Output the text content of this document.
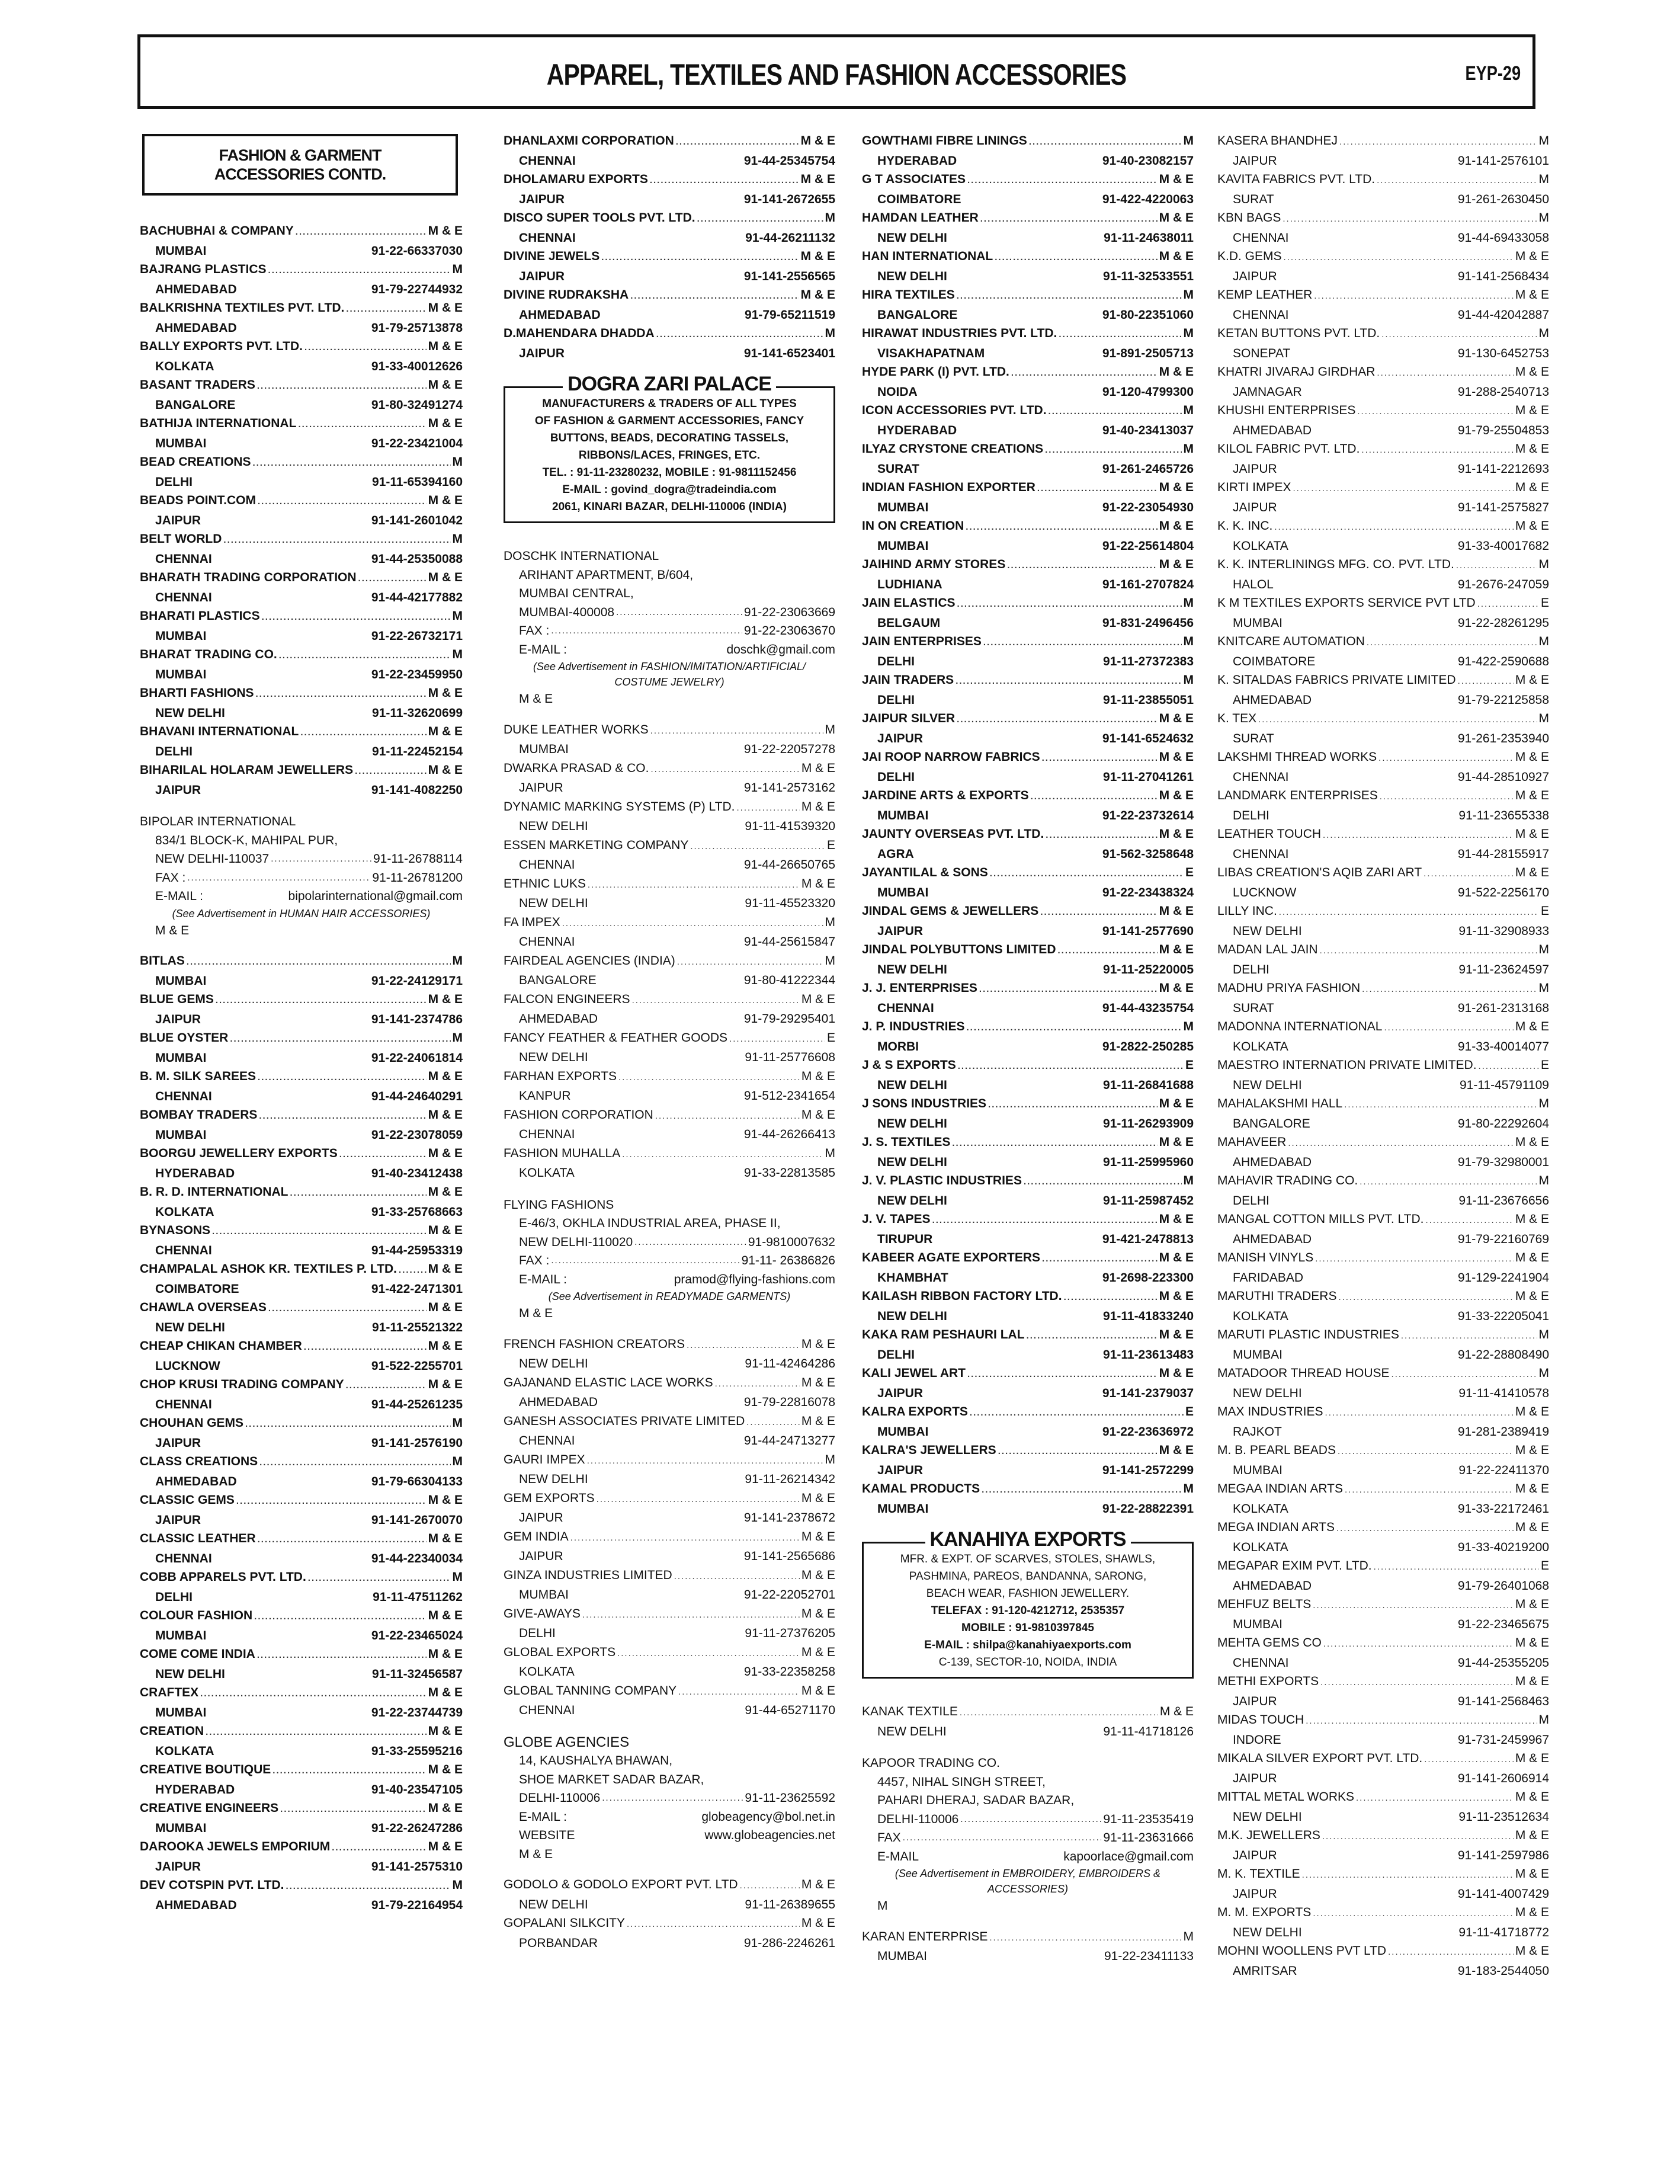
APPAREL, TEXTILES AND FASHION ACCESSORIES	EYP-29
FASHION & GARMENT
ACCESSORIES CONTD.
BACHUBHAI & COMPANY .....	M & E
MUMBAI	91-22-66337030
BAJRANG PLASTICS .....	M
AHMEDABAD	91-79-22744932
BALKRISHNA TEXTILES PVT. LTD. .....	M & E
AHMEDABAD	91-79-25713878
BALLY EXPORTS PVT. LTD. .....	M & E
KOLKATA	91-33-40012626
BASANT TRADERS .....	M & E
BANGALORE	91-80-32491274
BATHIJA INTERNATIONAL .....	M & E
MUMBAI	91-22-23421004
BEAD CREATIONS .....	M
DELHI	91-11-65394160
BEADS POINT.COM .....	M & E
JAIPUR	91-141-2601042
BELT WORLD .....	M
CHENNAI	91-44-25350088
BHARATH TRADING CORPORATION .....	M & E
CHENNAI	91-44-42177882
BHARATI PLASTICS .....	M
MUMBAI	91-22-26732171
BHARAT TRADING CO. .....	M
MUMBAI	91-22-23459950
BHARTI FASHIONS .....	M & E
NEW DELHI	91-11-32620699
BHAVANI INTERNATIONAL .....	M & E
DELHI	91-11-22452154
BIHARILAL HOLARAM JEWELLERS .....	M & E
JAIPUR	91-141-4082250
BIPOLAR INTERNATIONAL
834/1 BLOCK-K, MAHIPAL PUR,
NEW DELHI-110037 .....	91-11-26788114
FAX : .....	91-11-26781200
E-MAIL :	bipolarinternational@gmail.com
(See Advertisement in HUMAN HAIR ACCESSORIES)
M & E
BITLAS .....	M
MUMBAI	91-22-24129171
BLUE GEMS .....	M & E
JAIPUR	91-141-2374786
BLUE OYSTER .....	M
MUMBAI	91-22-24061814
B. M. SILK SAREES .....	M & E
CHENNAI	91-44-24640291
BOMBAY TRADERS .....	M & E
MUMBAI	91-22-23078059
BOORGU JEWELLERY EXPORTS .....	M & E
HYDERABAD	91-40-23412438
B. R. D. INTERNATIONAL .....	M & E
KOLKATA	91-33-25768663
BYNASONS .....	M & E
CHENNAI	91-44-25953319
CHAMPALAL ASHOK KR. TEXTILES P. LTD. .....	M & E
COIMBATORE	91-422-2471301
CHAWLA OVERSEAS .....	M & E
NEW DELHI	91-11-25521322
CHEAP CHIKAN CHAMBER .....	M & E
LUCKNOW	91-522-2255701
CHOP KRUSI TRADING COMPANY .....	M & E
CHENNAI	91-44-25261235
CHOUHAN GEMS .....	M
JAIPUR	91-141-2576190
CLASS CREATIONS .....	M
AHMEDABAD	91-79-66304133
CLASSIC GEMS .....	M & E
JAIPUR	91-141-2670070
CLASSIC LEATHER .....	M & E
CHENNAI	91-44-22340034
COBB APPARELS PVT. LTD. .....	M
DELHI	91-11-47511262
COLOUR FASHION .....	M & E
MUMBAI	91-22-23465024
COME COME INDIA .....	M & E
NEW DELHI	91-11-32456587
CRAFTEX .....	M & E
MUMBAI	91-22-23744739
CREATION .....	M & E
KOLKATA	91-33-25595216
CREATIVE BOUTIQUE .....	M & E
HYDERABAD	91-40-23547105
CREATIVE ENGINEERS .....	M & E
MUMBAI	91-22-26247286
DAROOKA JEWELS EMPORIUM .....	M & E
JAIPUR	91-141-2575310
DEV COTSPIN PVT. LTD. .....	M
AHMEDABAD	91-79-22164954
DHANLAXMI CORPORATION .....	M & E
CHENNAI	91-44-25345754
DHOLAMARU EXPORTS .....	M & E
JAIPUR	91-141-2672655
DISCO SUPER TOOLS PVT. LTD. .....	M
CHENNAI	91-44-26211132
DIVINE JEWELS .....	M & E
JAIPUR	91-141-2556565
DIVINE RUDRAKSHA .....	M & E
AHMEDABAD	91-79-65211519
D.MAHENDARA DHADDA .....	M
JAIPUR	91-141-6523401
DOGRA ZARI PALACE
MANUFACTURERS & TRADERS OF ALL TYPES
OF FASHION & GARMENT ACCESSORIES, FANCY
BUTTONS, BEADS, DECORATING TASSELS,
RIBBONS/LACES, FRINGES, ETC.
TEL. : 91-11-23280232, MOBILE : 91-9811152456
E-MAIL : govind_dogra@tradeindia.com
2061, KINARI BAZAR, DELHI-110006 (INDIA)
DOSCHK INTERNATIONAL
ARIHANT APARTMENT, B/604,
MUMBAI CENTRAL,
MUMBAI-400008 .....	91-22-23063669
FAX : .....	91-22-23063670
E-MAIL :	doschk@gmail.com
(See Advertisement in FASHION/IMITATION/ARTIFICIAL/ COSTUME JEWELRY)
M & E
DUKE LEATHER WORKS .....	M
MUMBAI	91-22-22057278
DWARKA PRASAD & CO. .....	M & E
JAIPUR	91-141-2573162
DYNAMIC MARKING SYSTEMS (P) LTD. .....	M & E
NEW DELHI	91-11-41539320
ESSEN MARKETING COMPANY .....	E
CHENNAI	91-44-26650765
ETHNIC LUKS .....	M & E
NEW DELHI	91-11-45523320
FA IMPEX .....	M
CHENNAI	91-44-25615847
FAIRDEAL AGENCIES (INDIA) .....	M
BANGALORE	91-80-41222344
FALCON ENGINEERS .....	M & E
AHMEDABAD	91-79-29295401
FANCY FEATHER & FEATHER GOODS .....	E
NEW DELHI	91-11-25776608
FARHAN EXPORTS .....	M & E
KANPUR	91-512-2341654
FASHION CORPORATION .....	M & E
CHENNAI	91-44-26266413
FASHION MUHALLA .....	M
KOLKATA	91-33-22813585
FLYING FASHIONS
E-46/3, OKHLA INDUSTRIAL AREA, PHASE II,
NEW DELHI-110020 .....	91-9810007632
FAX : .....	91-11- 26386826
E-MAIL :	pramod@flying-fashions.com
(See Advertisement in READYMADE GARMENTS)
M & E
FRENCH FASHION CREATORS .....	M & E
NEW DELHI	91-11-42464286
GAJANAND ELASTIC LACE WORKS .....	M & E
AHMEDABAD	91-79-22816078
GANESH ASSOCIATES PRIVATE LIMITED .....	M & E
CHENNAI	91-44-24713277
GAURI IMPEX .....	M
NEW DELHI	91-11-26214342
GEM EXPORTS .....	M & E
JAIPUR	91-141-2378672
GEM INDIA .....	M & E
JAIPUR	91-141-2565686
GINZA INDUSTRIES LIMITED .....	M & E
MUMBAI	91-22-22052701
GIVE-AWAYS .....	M & E
DELHI	91-11-27376205
GLOBAL EXPORTS .....	M & E
KOLKATA	91-33-22358258
GLOBAL TANNING COMPANY .....	M & E
CHENNAI	91-44-65271170
GLOBE AGENCIES
14, KAUSHALYA BHAWAN,
SHOE MARKET SADAR BAZAR,
DELHI-110006 .....	91-11-23625592
E-MAIL :	globeagency@bol.net.in
WEBSITE	www.globeagencies.net
M & E
GODOLO & GODOLO EXPORT PVT. LTD .....	M & E
NEW DELHI	91-11-26389655
GOPALANI SILKCITY .....	M & E
PORBANDAR	91-286-2246261
GOWTHAMI FIBRE LININGS .....	M
HYDERABAD	91-40-23082157
G T ASSOCIATES .....	M & E
COIMBATORE	91-422-4220063
HAMDAN LEATHER .....	M & E
NEW DELHI	91-11-24638011
HAN INTERNATIONAL .....	M & E
NEW DELHI	91-11-32533551
HIRA TEXTILES .....	M
BANGALORE	91-80-22351060
HIRAWAT INDUSTRIES PVT. LTD. .....	M
VISAKHAPATNAM	91-891-2505713
HYDE PARK (I) PVT. LTD. .....	M & E
NOIDA	91-120-4799300
ICON ACCESSORIES PVT. LTD. .....	M
HYDERABAD	91-40-23413037
ILYAZ CRYSTONE CREATIONS .....	M
SURAT	91-261-2465726
INDIAN FASHION EXPORTER .....	M & E
MUMBAI	91-22-23054930
IN ON CREATION .....	M & E
MUMBAI	91-22-25614804
JAIHIND ARMY STORES .....	M & E
LUDHIANA	91-161-2707824
JAIN ELASTICS .....	M
BELGAUM	91-831-2496456
JAIN ENTERPRISES .....	M
DELHI	91-11-27372383
JAIN TRADERS .....	M
DELHI	91-11-23855051
JAIPUR SILVER .....	M & E
JAIPUR	91-141-6524632
JAI ROOP NARROW FABRICS .....	M & E
DELHI	91-11-27041261
JARDINE ARTS & EXPORTS .....	M & E
MUMBAI	91-22-23732614
JAUNTY OVERSEAS PVT. LTD. .....	M & E
AGRA	91-562-3258648
JAYANTILAL & SONS .....	E
MUMBAI	91-22-23438324
JINDAL GEMS & JEWELLERS .....	M & E
JAIPUR	91-141-2577690
JINDAL POLYBUTTONS LIMITED .....	M & E
NEW DELHI	91-11-25220005
J. J. ENTERPRISES .....	M & E
CHENNAI	91-44-43235754
J. P. INDUSTRIES .....	M
MORBI	91-2822-250285
J & S EXPORTS .....	E
NEW DELHI	91-11-26841688
J SONS INDUSTRIES .....	M & E
NEW DELHI	91-11-26293909
J. S. TEXTILES .....	M & E
NEW DELHI	91-11-25995960
J. V. PLASTIC INDUSTRIES .....	M
NEW DELHI	91-11-25987452
J. V. TAPES .....	M & E
TIRUPUR	91-421-2478813
KABEER AGATE EXPORTERS .....	M & E
KHAMBHAT	91-2698-223300
KAILASH RIBBON FACTORY LTD. .....	M & E
NEW DELHI	91-11-41833240
KAKA RAM PESHAURI LAL .....	M & E
DELHI	91-11-23613483
KALI JEWEL ART .....	M & E
JAIPUR	91-141-2379037
KALRA EXPORTS .....	E
MUMBAI	91-22-23636972
KALRA'S JEWELLERS .....	M & E
JAIPUR	91-141-2572299
KAMAL PRODUCTS .....	M
MUMBAI	91-22-28822391
KANAHIYA EXPORTS
MFR. & EXPT. OF SCARVES, STOLES, SHAWLS,
PASHMINA, PAREOS, BANDANNA, SARONG,
BEACH WEAR, FASHION JEWELLERY.
TELEFAX : 91-120-4212712, 2535357
MOBILE : 91-9810397845
E-MAIL : shilpa@kanahiyaexports.com
C-139, SECTOR-10, NOIDA, INDIA
KANAK TEXTILE .....	M & E
NEW DELHI	91-11-41718126
KAPOOR TRADING CO.
4457, NIHAL SINGH STREET,
PAHARI DHERAJ, SADAR BAZAR,
DELHI-110006 .....	91-11-23535419
FAX .....	91-11-23631666
E-MAIL	kapoorlace@gmail.com
(See Advertisement in EMBROIDERY, EMBROIDERS & ACCESSORIES)
M
KARAN ENTERPRISE .....	M
MUMBAI	91-22-23411133
KASERA BHANDHEJ .....	M
JAIPUR	91-141-2576101
KAVITA FABRICS PVT. LTD. .....	M
SURAT	91-261-2630450
KBN BAGS .....	M
CHENNAI	91-44-69433058
K.D. GEMS .....	M & E
JAIPUR	91-141-2568434
KEMP LEATHER .....	M & E
CHENNAI	91-44-42042887
KETAN BUTTONS PVT. LTD. .....	M
SONEPAT	91-130-6452753
KHATRI JIVARAJ GIRDHAR .....	M & E
JAMNAGAR	91-288-2540713
KHUSHI ENTERPRISES .....	M & E
AHMEDABAD	91-79-25504853
KILOL FABRIC PVT. LTD. .....	M & E
JAIPUR	91-141-2212693
KIRTI IMPEX .....	M & E
JAIPUR	91-141-2575827
K. K. INC. .....	M & E
KOLKATA	91-33-40017682
K. K. INTERLININGS MFG. CO. PVT. LTD. .....	M
HALOL	91-2676-247059
K M TEXTILES EXPORTS SERVICE PVT LTD .....	E
MUMBAI	91-22-28261295
KNITCARE AUTOMATION .....	M
COIMBATORE	91-422-2590688
K. SITALDAS FABRICS PRIVATE LIMITED .....	M & E
AHMEDABAD	91-79-22125858
K. TEX .....	M
SURAT	91-261-2353940
LAKSHMI THREAD WORKS .....	M & E
CHENNAI	91-44-28510927
LANDMARK ENTERPRISES .....	M & E
DELHI	91-11-23655338
LEATHER TOUCH .....	M & E
CHENNAI	91-44-28155917
LIBAS CREATION'S AQIB ZARI ART .....	M & E
LUCKNOW	91-522-2256170
LILLY INC. .....	E
NEW DELHI	91-11-32908933
MADAN LAL JAIN .....	M
DELHI	91-11-23624597
MADHU PRIYA FASHION .....	M
SURAT	91-261-2313168
MADONNA INTERNATIONAL .....	M & E
KOLKATA	91-33-40014077
MAESTRO INTERNATION PRIVATE LIMITED. .....	E
NEW DELHI	91-11-45791109
MAHALAKSHMI HALL .....	M
BANGALORE	91-80-22292604
MAHAVEER .....	M & E
AHMEDABAD	91-79-32980001
MAHAVIR TRADING CO. .....	M
DELHI	91-11-23676656
MANGAL COTTON MILLS PVT. LTD. .....	M & E
AHMEDABAD	91-79-22160769
MANISH VINYLS .....	M & E
FARIDABAD	91-129-2241904
MARUTHI TRADERS .....	M & E
KOLKATA	91-33-22205041
MARUTI PLASTIC INDUSTRIES .....	M
MUMBAI	91-22-28808490
MATADOOR THREAD HOUSE .....	M
NEW DELHI	91-11-41410578
MAX INDUSTRIES .....	M & E
RAJKOT	91-281-2389419
M. B. PEARL BEADS .....	M & E
MUMBAI	91-22-22411370
MEGAA INDIAN ARTS .....	M & E
KOLKATA	91-33-22172461
MEGA INDIAN ARTS .....	M & E
KOLKATA	91-33-40219200
MEGAPAR EXIM PVT. LTD. .....	E
AHMEDABAD	91-79-26401068
MEHFUZ BELTS .....	M & E
MUMBAI	91-22-23465675
MEHTA GEMS CO .....	M & E
CHENNAI	91-44-25355205
METHI EXPORTS .....	M & E
JAIPUR	91-141-2568463
MIDAS TOUCH .....	M
INDORE	91-731-2459967
MIKALA SILVER EXPORT PVT. LTD. .....	M & E
JAIPUR	91-141-2606914
MITTAL METAL WORKS .....	M & E
NEW DELHI	91-11-23512634
M.K. JEWELLERS .....	M & E
JAIPUR	91-141-2597986
M. K. TEXTILE .....	M & E
JAIPUR	91-141-4007429
M. M. EXPORTS .....	M & E
NEW DELHI	91-11-41718772
MOHNI WOOLLENS PVT LTD .....	M & E
AMRITSAR	91-183-2544050
